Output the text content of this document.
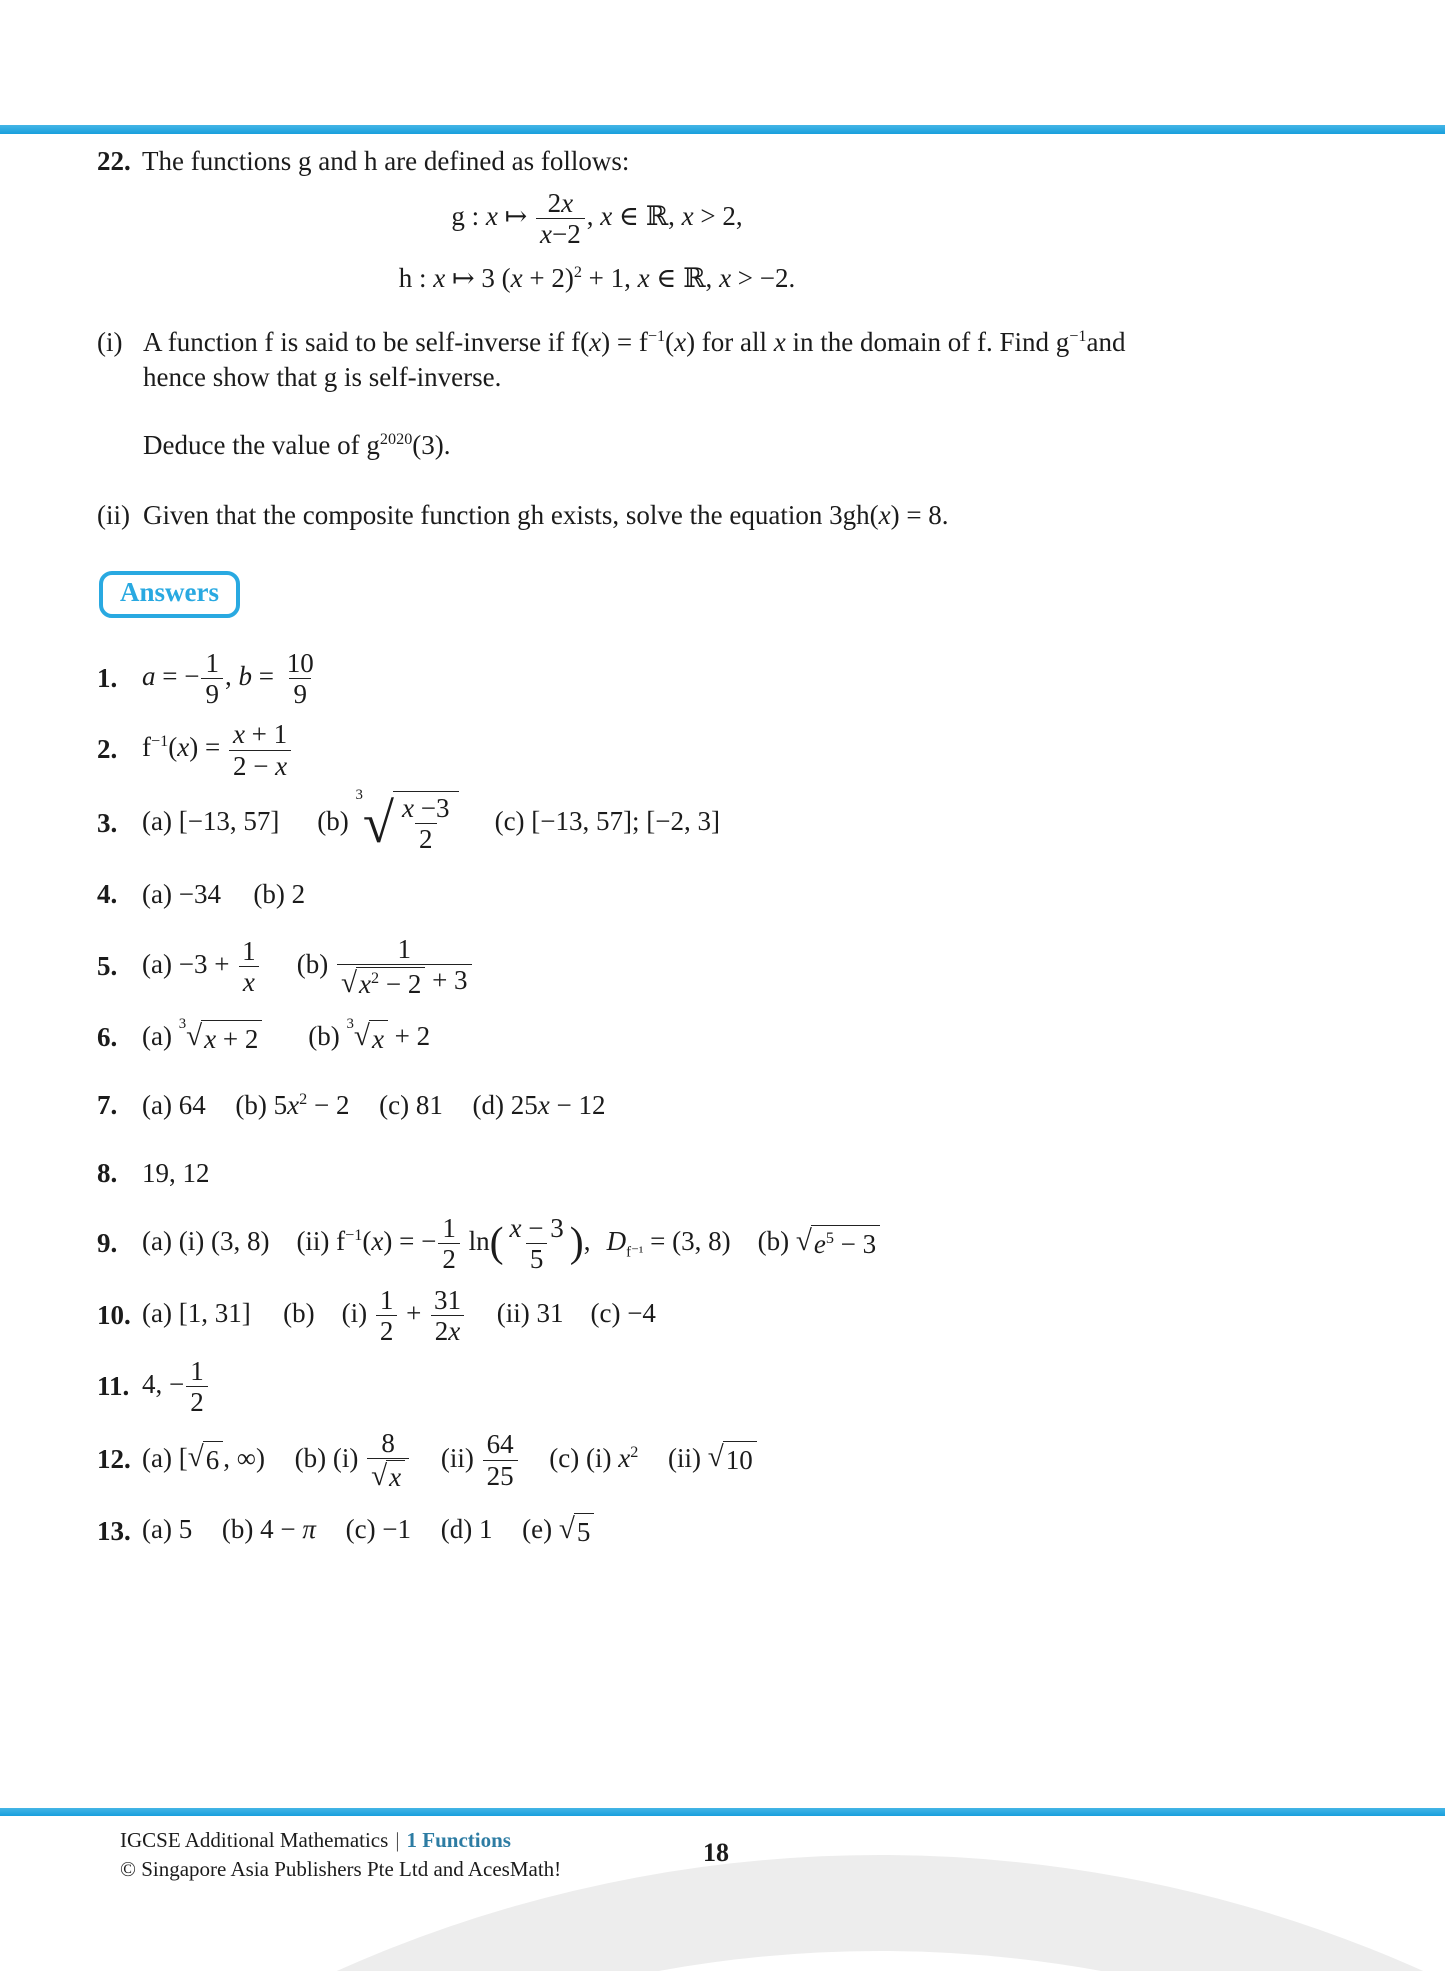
22. The functions g and h are defined as follows:
g : x ↦ $\frac{2x}{x-2}$ , x ∈ ℝ, x > 2,
h : x ↦ 3 $(x + 2)^2 + 1$, x ∈ ℝ, x > −2.
(i) A function f is said to be self-inverse if $f(x) = f^{-1}(x)$ for all x in the domain of f. Find $g^{-1}and$ hence show that g is self-inverse.
Deduce the value of $g^{2020}(3)$.
(ii) Given that the composite function gh exists, solve the equation 3gh(x) = 8.
Answers
1. a = − $\frac{1}{9}$ , $b = \frac{10}{9}$
2. $f^{-1}(x) = \frac{x + 1}{2 - x}$
3. (a) [−13, 57] (b)
3 √ $\frac{x -3}{2} (c)$ [−13, 57]; [−2, 3]
4. (a) −34 (b) 2
5. $(a) -3 + \frac{1}{x} (b) \frac{1}{√ x^2 - 2 + 3}$
6. (a) 3 √ x + 2 (b) 3 √ x + 2
7. (a) 64 (b) $5x^2 - 2$ (c) 81 (d) 25x − 12
8. 19, 12
9. (a) (i) (3, 8) (ii) $f^{-1}(x)$ = − $\frac{1}{2} \ln( \frac{x - 3}{5}$ ), $D_{f^{-1}} = (3$, 8) (b) √ $e^5 - 3$
10. (a) [1, 31] (b) $(i) \frac{1}{2} + \frac{31}{2x} (ii)$ 31 (c) −4
11. 4, − $\frac{1}{2}$
12. (a) [ √ 6 , ∞) (b) $(i) \frac{8}{√ x} (ii) \frac{64}{25} (c)$ (i) $x^2$ (ii) √ 10
13. (a) 5 (b) 4 − π (c) −1 (d) 1 (e) √ 5
IGCSE Additional Mathematics | 1 Functions
© Singapore Asia Publishers Pte Ltd and AcesMath!
18
